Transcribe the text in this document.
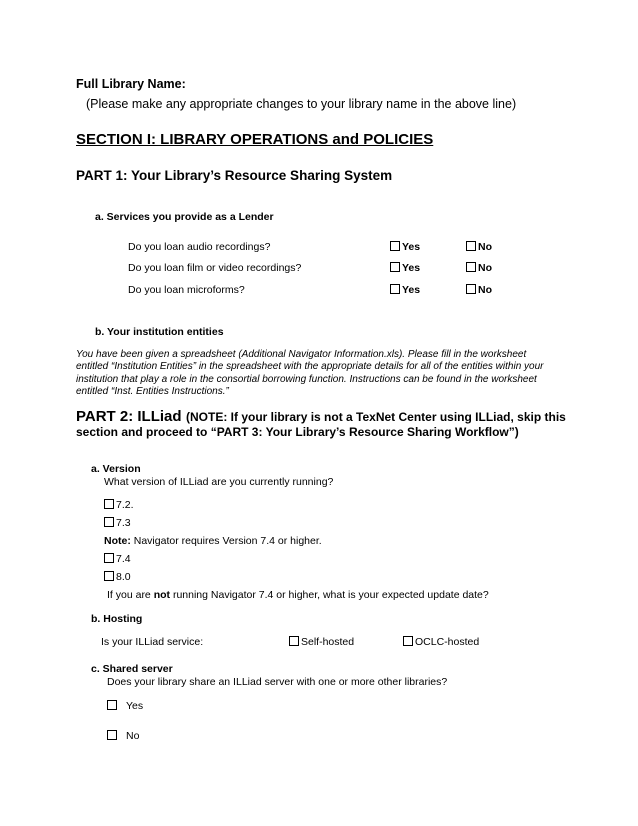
Full Library Name:
(Please make any appropriate changes to your library name in the above line)
SECTION I: LIBRARY OPERATIONS and POLICIES
PART 1: Your Library’s Resource Sharing System
a. Services you provide as a Lender
Do you loan audio recordings?	Yes	No
Do you loan film or video recordings?	Yes	No
Do you loan microforms?	Yes	No
b. Your institution entities
You have been given a spreadsheet (Additional Navigator Information.xls). Please fill in the worksheet entitled “Institution Entities” in the spreadsheet with the appropriate details for all of the entities within your institution that play a role in the consortial borrowing function. Instructions can be found in the worksheet entitled “Inst. Entities Instructions.”
PART 2: ILLiad (NOTE: If your library is not a TexNet Center using ILLiad, skip this
section and proceed to “PART 3: Your Library’s Resource Sharing Workflow”)
a. Version
What version of ILLiad are you currently running?
7.2.
7.3
Note: Navigator requires Version 7.4 or higher.
7.4
8.0
If you are not running Navigator 7.4 or higher, what is your expected update date?
b. Hosting
Is your ILLiad service:	Self-hosted	OCLC-hosted
c. Shared server
Does your library share an ILLiad server with one or more other libraries?
Yes
No
